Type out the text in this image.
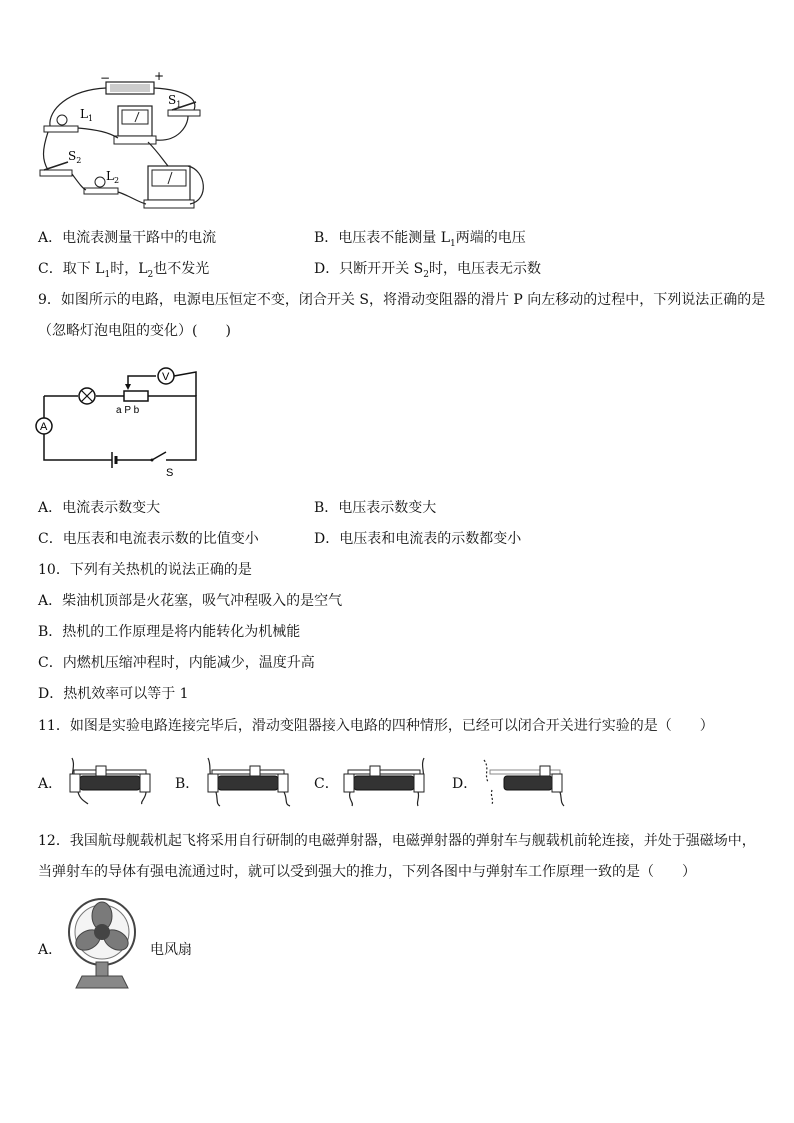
−	+
$L_1$
$S_1$
$S_2$
$L_2$
A．电流表测量干路中的电流	B．电压表不能测量 $L_1$两端的电压
C．取下 $L_1$时，$L_2$也不发光	D．只断开开关 $S_2$时，电压表无示数
9．如图所示的电路，电源电压恒定不变，闭合开关 S，将滑动变阻器的滑片 P 向左移动的过程中，下列说法正确的是
（忽略灯泡电阻的变化）(　　)
V
a P b
A
S
A．电流表示数变大	B．电压表示数变大
C．电压表和电流表示数的比值变小	D．电压表和电流表的示数都变小
10．下列有关热机的说法正确的是
A．柴油机顶部是火花塞，吸气冲程吸入的是空气
B．热机的工作原理是将内能转化为机械能
C．内燃机压缩冲程时，内能减少，温度升高
D．热机效率可以等于 1
11．如图是实验电路连接完毕后，滑动变阻器接入电路的四种情形，已经可以闭合开关进行实验的是（　　）
A．	B．	C．	D．
12．我国航母舰载机起飞将采用自行研制的电磁弹射器，电磁弹射器的弹射车与舰载机前轮连接，并处于强磁场中，
当弹射车的导体有强电流通过时，就可以受到强大的推力，下列各图中与弹射车工作原理一致的是（　　）
A．	电风扇
